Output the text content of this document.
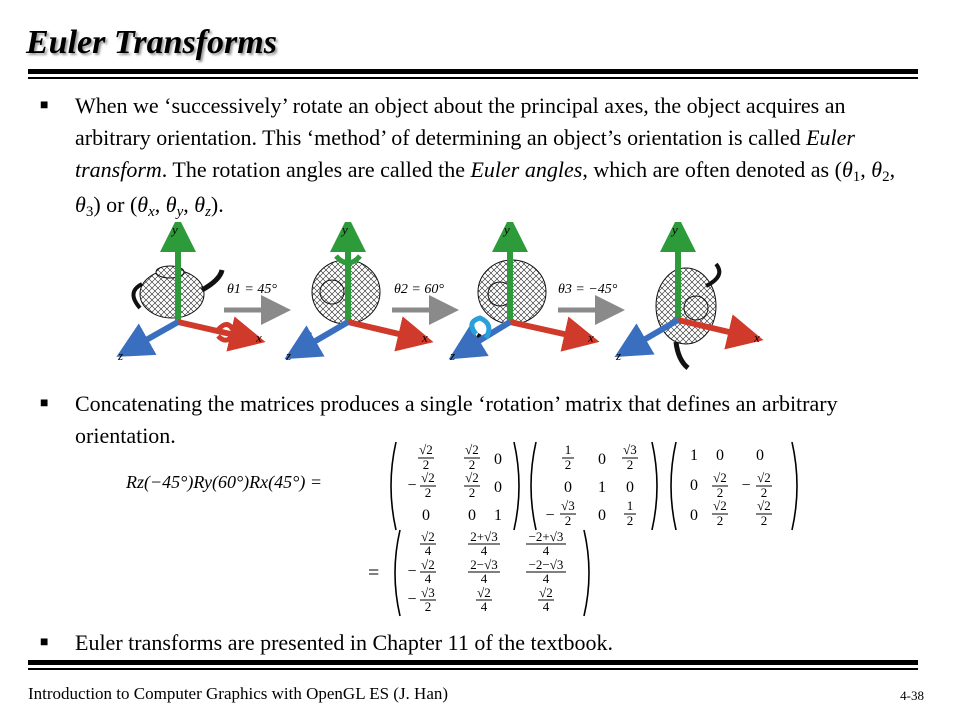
Euler Transforms
■ When we ‘successively’ rotate an object about the principal axes, the object acquires an arbitrary orientation. This ‘method’ of determining an object’s orientation is called Euler transform. The rotation angles are called the Euler angles, which are often denoted as (θ1, θ2, θ3) or (θx, θy, θz).
y
x
z
θ1 = 45°
y
x
z
θ2 = 60°
y
x
z
θ3 = −45°
y
x
z
■ Concatenating the matrices produces a single ‘rotation’ matrix that defines an arbitrary orientation.
Rz(−45°)Ry(60°)Rx(45°) =
√2
2
√2
2 0
− √2
2
√2
2 0
0 0 1
1
2 0
√3
2
0 1 0
−
√3
2 0
1
2
1 0 0
0 √2
2 − √2
2
0
√2
2
√2
2
=
√2
4
2+√3
4
−2+√3
4
− √2
4
2−√3
4
−2−√3
4
− √3
2
√2
4
√2
4
■ Euler transforms are presented in Chapter 11 of the textbook.
Introduction to Computer Graphics with OpenGL ES (J. Han)	4-38
